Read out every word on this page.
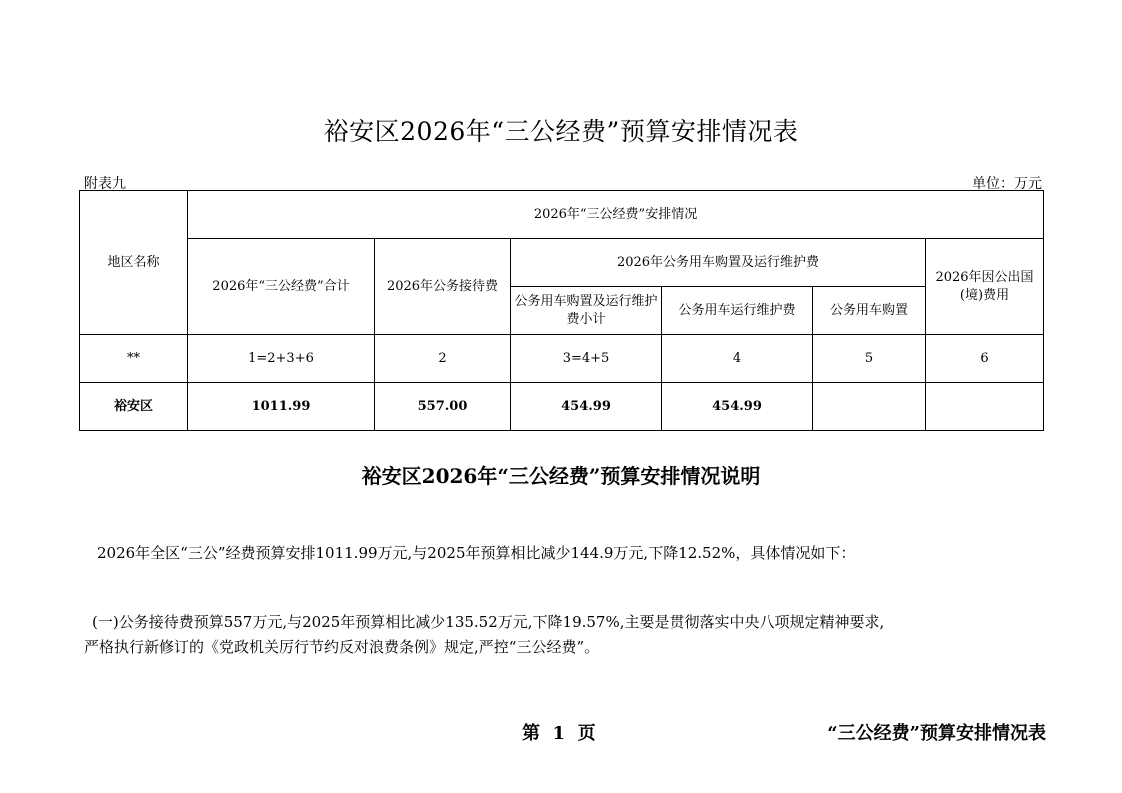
裕安区2026年“三公经费”预算安排情况表
附表九	单位：万元
地区名称	2026年“三公经费”安排情况					
	2026年“三公经费”合计	2026年公务接待费	2026年公务用车购置及运行维护费			2026年因公出国(境)费用
			公务用车购置及运行维护费小计	公务用车运行维护费	公务用车购置	
**	1=2+3+6	2	3=4+5	4	5	6
裕安区	1011.99	557.00	454.99	454.99		
裕安区2026年“三公经费”预算安排情况说明
2026年全区“三公”经费预算安排1011.99万元,与2025年预算相比减少144.9万元,下降12.52%，具体情况如下：
(一)公务接待费预算557万元,与2025年预算相比减少135.52万元,下降19.57%,主要是贯彻落实中央八项规定精神要求,
严格执行新修订的《党政机关厉行节约反对浪费条例》规定,严控“三公经费”。
第  1  页	“三公经费”预算安排情况表
